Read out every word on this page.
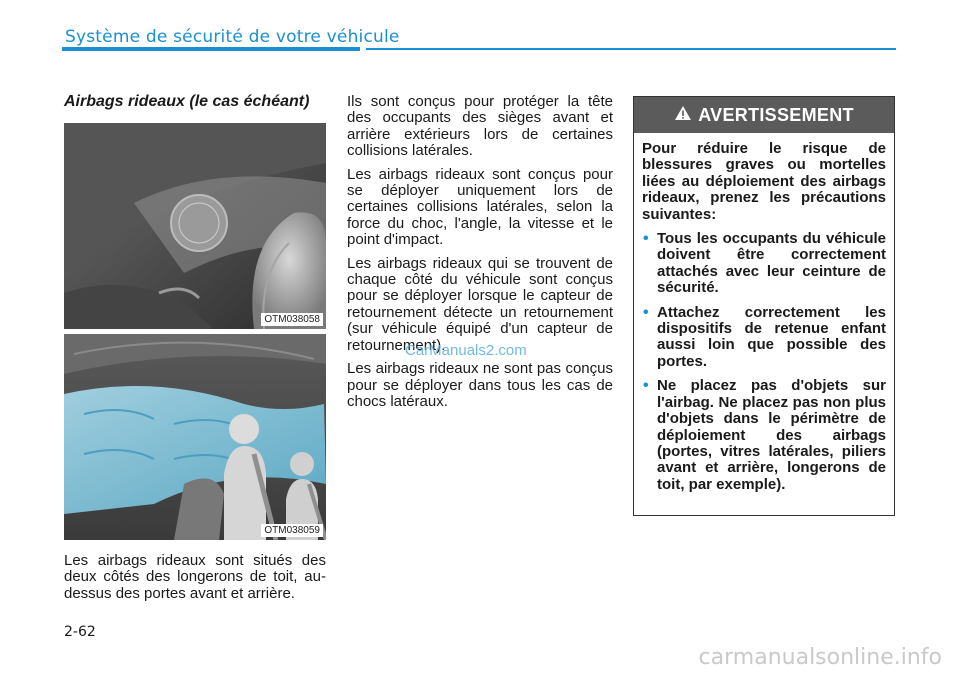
Système de sécurité de votre véhicule
Airbags rideaux (le cas échéant)
OTM038058
OTM038059

Les airbags rideaux sont situés des deux côtés des longerons de toit, au-dessus des portes avant et arrière.

Ils sont conçus pour protéger la tête des occupants des sièges avant et arrière extérieurs lors de certaines collisions latérales.

Les airbags rideaux sont conçus pour se déployer uniquement lors de certaines collisions latérales, selon la force du choc, l'angle, la vitesse et le point d'impact.

Les airbags rideaux qui se trouvent de chaque côté du véhicule sont conçus pour se déployer lorsque le capteur de retournement détecte un retournement (sur véhicule équipé d'un capteur de retournement).

Les airbags rideaux ne sont pas conçus pour se déployer dans tous les cas de chocs latéraux.

CarManuals2.com
AVERTISSEMENT

Pour réduire le risque de blessures graves ou mortelles liées au déploiement des airbags rideaux, prenez les précautions suivantes:

• Tous les occupants du véhicule doivent être correctement attachés avec leur ceinture de sécurité.
• Attachez correctement les dispositifs de retenue enfant aussi loin que possible des portes.
• Ne placez pas d'objets sur l'airbag. Ne placez pas non plus d'objets dans le périmètre de déploiement des airbags (portes, vitres latérales, piliers avant et arrière, longerons de toit, par exemple).
2-62
carmanualsonline.info
